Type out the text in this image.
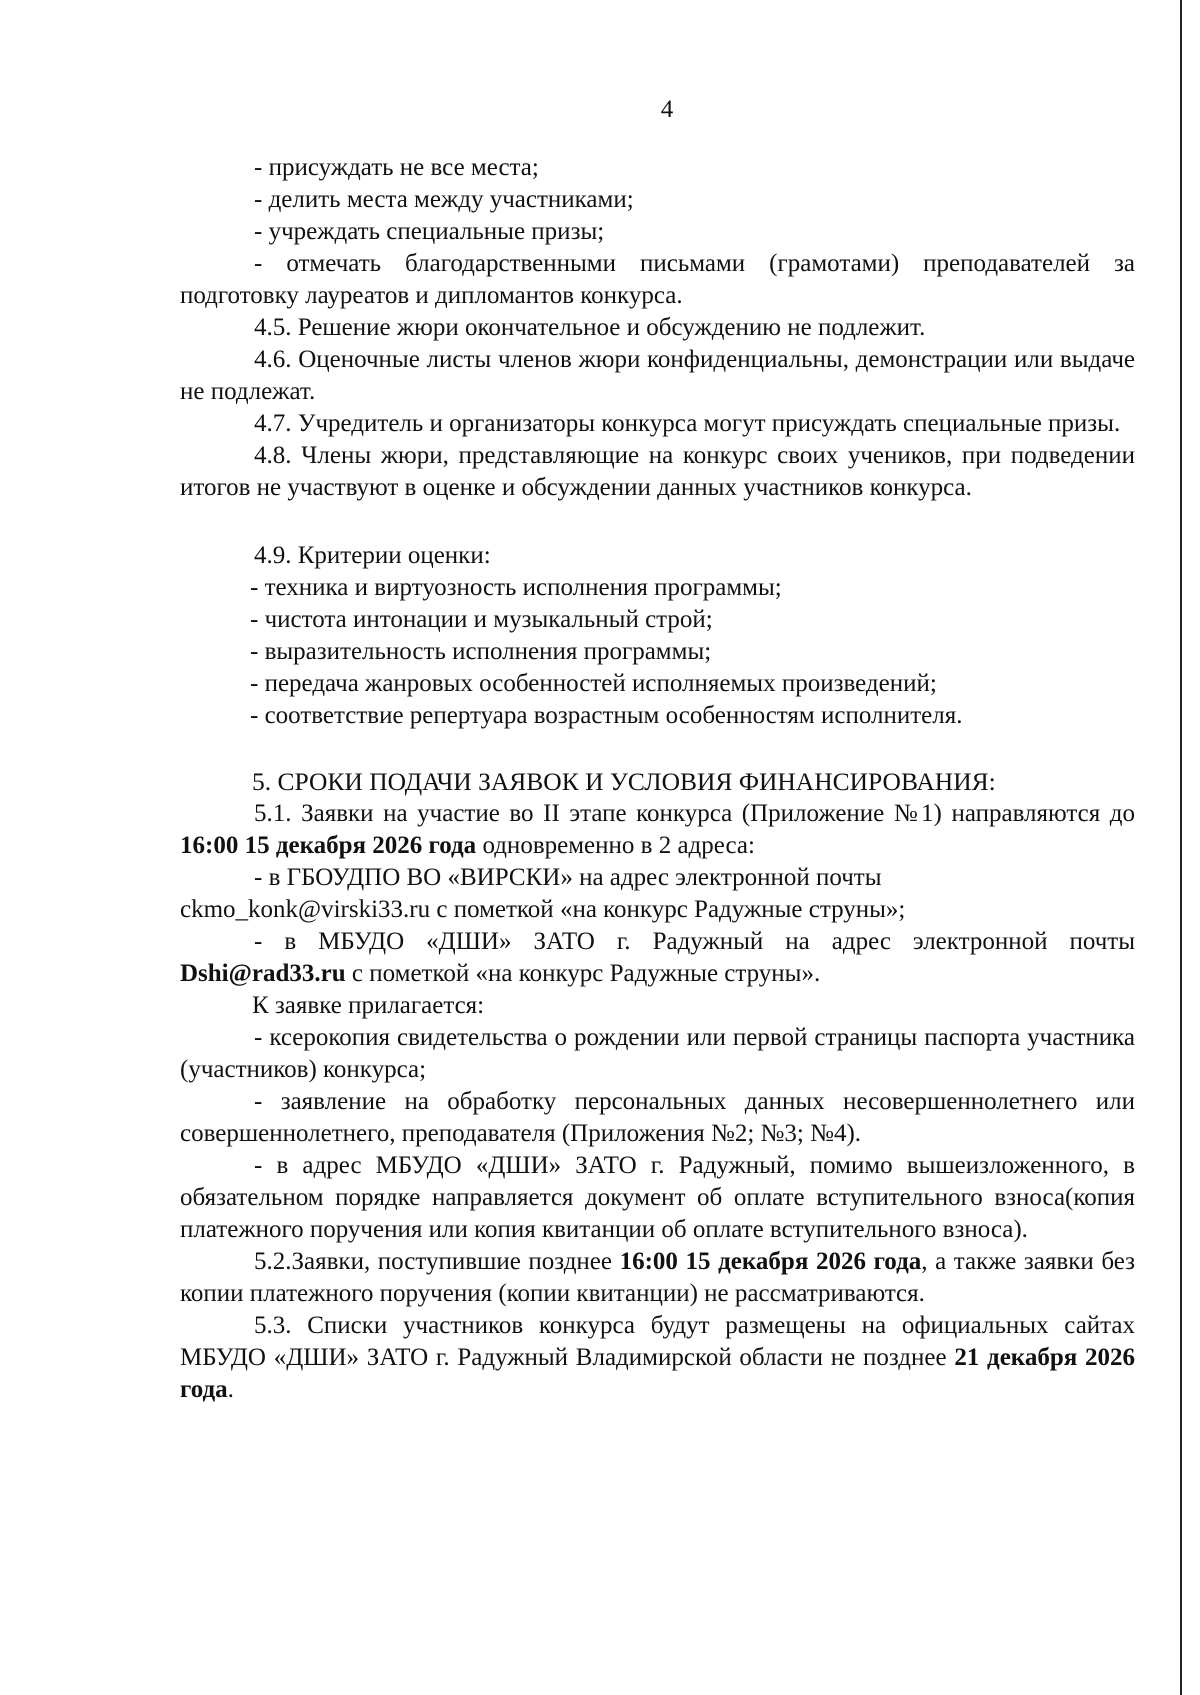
4

- присуждать не все места;

- делить места между участниками;

- учреждать специальные призы;

- отмечать благодарственными письмами (грамотами) преподавателей за подготовку лауреатов и дипломантов конкурса.

4.5. Решение жюри окончательное и обсуждению не подлежит.

4.6. Оценочные листы членов жюри конфиденциальны, демонстрации или выдаче не подлежат.

4.7. Учредитель и организаторы конкурса могут присуждать специальные призы.

4.8. Члены жюри, представляющие на конкурс своих учеников, при подведении итогов не участвуют в оценке и обсуждении данных участников конкурса.

4.9. Критерии оценки:

- техника и виртуозность исполнения программы;

- чистота интонации и музыкальный строй;

- выразительность исполнения программы;

- передача жанровых особенностей исполняемых произведений;

- соответствие репертуара возрастным особенностям исполнителя.

5. СРОКИ ПОДАЧИ ЗАЯВОК И УСЛОВИЯ ФИНАНСИРОВАНИЯ:

5.1. Заявки на участие во II этапе конкурса (Приложение №1) направляются до 16:00 15 декабря 2026 года одновременно в 2 адреса:

- в ГБОУДПО ВО «ВИРСКИ» на адрес электронной почты
ckmo_konk@virski33.ru с пометкой «на конкурс Радужные струны»;

- в МБУДО «ДШИ» ЗАТО г. Радужный на адрес электронной почты Dshi@rad33.ru с пометкой «на конкурс Радужные струны».

К заявке прилагается:

- ксерокопия свидетельства о рождении или первой страницы паспорта участника (участников) конкурса;

- заявление на обработку персональных данных несовершеннолетнего или совершеннолетнего, преподавателя (Приложения №2; №3; №4).

- в адрес МБУДО «ДШИ» ЗАТО г. Радужный, помимо вышеизложенного, в обязательном порядке направляется документ об оплате вступительного взноса(копия платежного поручения или копия квитанции об оплате вступительного взноса).

5.2.Заявки, поступившие позднее 16:00 15 декабря 2026 года, а также заявки без копии платежного поручения (копии квитанции) не рассматриваются.

5.3. Списки участников конкурса будут размещены на официальных сайтах МБУДО «ДШИ» ЗАТО г. Радужный Владимирской области не позднее 21 декабря 2026 года.
